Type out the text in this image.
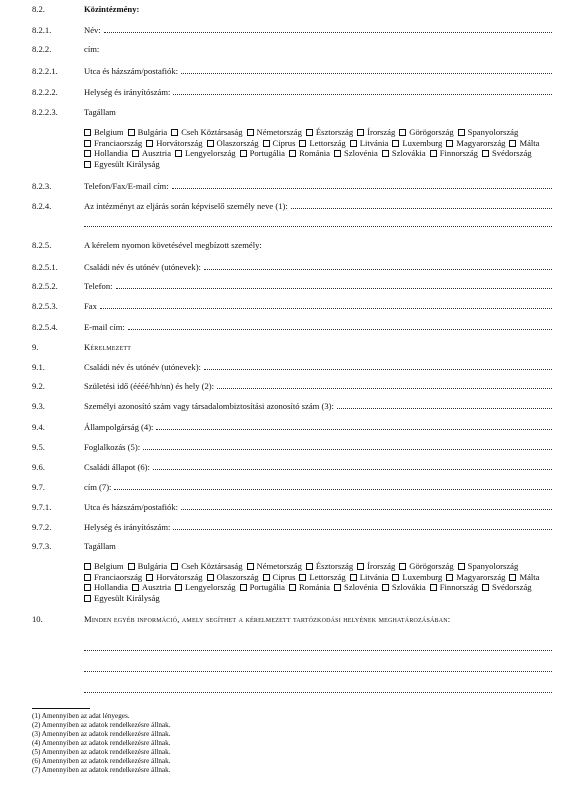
8.2.	Közintézmény:
8.2.1.	Név:
8.2.2.	cím:
8.2.2.1.	Utca és házszám/postafiók:
8.2.2.2.	Helység és irányítószám:
8.2.2.3.	Tagállam
Belgium Bulgária Cseh Köztársaság Németország Észtország Írország Görögország SpanyolországFranciaország Horvátország Olaszország Ciprus Lettország Litvánia Luxemburg Magyarország MáltaHollandia Ausztria Lengyelország Portugália Románia Szlovénia Szlovákia Finnország SvédországEgyesült Királyság
8.2.3.	Telefon/Fax/E-mail cím:
8.2.4.	Az intézményt az eljárás során képviselő személy neve (1):
8.2.5.	A kérelem nyomon követésével megbízott személy:
8.2.5.1.	Családi név és utónév (utónevek):
8.2.5.2.	Telefon:
8.2.5.3.	Fax
8.2.5.4.	E-mail cím:
9.	Kérelmezett
9.1.	Családi név és utónév (utónevek):
9.2.	Születési idő (éééé/hh/nn) és hely (2):
9.3.	Személyi azonosító szám vagy társadalombiztosítási azonosító szám (3):
9.4.	Állampolgárság (4):
9.5.	Foglalkozás (5):
9.6.	Családi állapot (6):
9.7.	cím (7):
9.7.1.	Utca és házszám/postafiók:
9.7.2.	Helység és irányítószám:
9.7.3.	Tagállam
Belgium Bulgária Cseh Köztársaság Németország Észtország Írország Görögország SpanyolországFranciaország Horvátország Olaszország Ciprus Lettország Litvánia Luxemburg Magyarország MáltaHollandia Ausztria Lengyelország Portugália Románia Szlovénia Szlovákia Finnország SvédországEgyesült Királyság
10.	Minden egyéb információ, amely segíthet a kérelmezett tartózkodási helyének meghatározásában:
(1) Amennyiben az adat lényeges.
(2) Amennyiben az adatok rendelkezésre állnak.
(3) Amennyiben az adatok rendelkezésre állnak.
(4) Amennyiben az adatok rendelkezésre állnak.
(5) Amennyiben az adatok rendelkezésre állnak.
(6) Amennyiben az adatok rendelkezésre állnak.
(7) Amennyiben az adatok rendelkezésre állnak.
